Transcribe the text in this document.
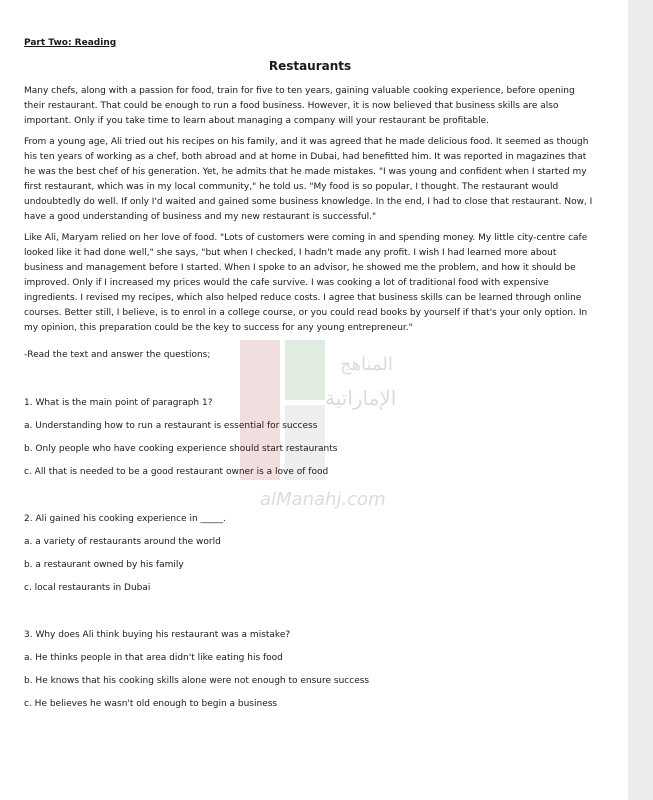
المناهج
الإماراتية
alManahj.com

Part Two: Reading

Restaurants

Many chefs, along with a passion for food, train for five to ten years, gaining valuable cooking experience, before opening their restaurant. That could be enough to run a food business. However, it is now believed that business skills are also important. Only if you take time to learn about managing a company will your restaurant be profitable.

From a young age, Ali tried out his recipes on his family, and it was agreed that he made delicious food. It seemed as though his ten years of working as a chef, both abroad and at home in Dubai, had benefitted him. It was reported in magazines that he was the best chef of his generation. Yet, he admits that he made mistakes. "I was young and confident when I started my first restaurant, which was in my local community," he told us. "My food is so popular, I thought. The restaurant would undoubtedly do well. If only I'd waited and gained some business knowledge. In the end, I had to close that restaurant. Now, I have a good understanding of business and my new restaurant is successful."

Like Ali, Maryam relied on her love of food. "Lots of customers were coming in and spending money. My little city-centre cafe looked like it had done well," she says, "but when I checked, I hadn't made any profit. I wish I had learned more about business and management before I started. When I spoke to an advisor, he showed me the problem, and how it should be improved. Only if I increased my prices would the cafe survive. I was cooking a lot of traditional food with expensive ingredients. I revised my recipes, which also helped reduce costs. I agree that business skills can be learned through online courses. Better still, I believe, is to enrol in a college course, or you could read books by yourself if that's your only option. In my opinion, this preparation could be the key to success for any young entrepreneur."

-Read the text and answer the questions;

1. What is the main point of paragraph 1?

a. Understanding how to run a restaurant is essential for success

b. Only people who have cooking experience should start restaurants

c. All that is needed to be a good restaurant owner is a love of food

2. Ali gained his cooking experience in _____.

a. a variety of restaurants around the world

b. a restaurant owned by his family

c. local restaurants in Dubai

3. Why does Ali think buying his restaurant was a mistake?

a. He thinks people in that area didn't like eating his food

b. He knows that his cooking skills alone were not enough to ensure success

c. He believes he wasn't old enough to begin a business
